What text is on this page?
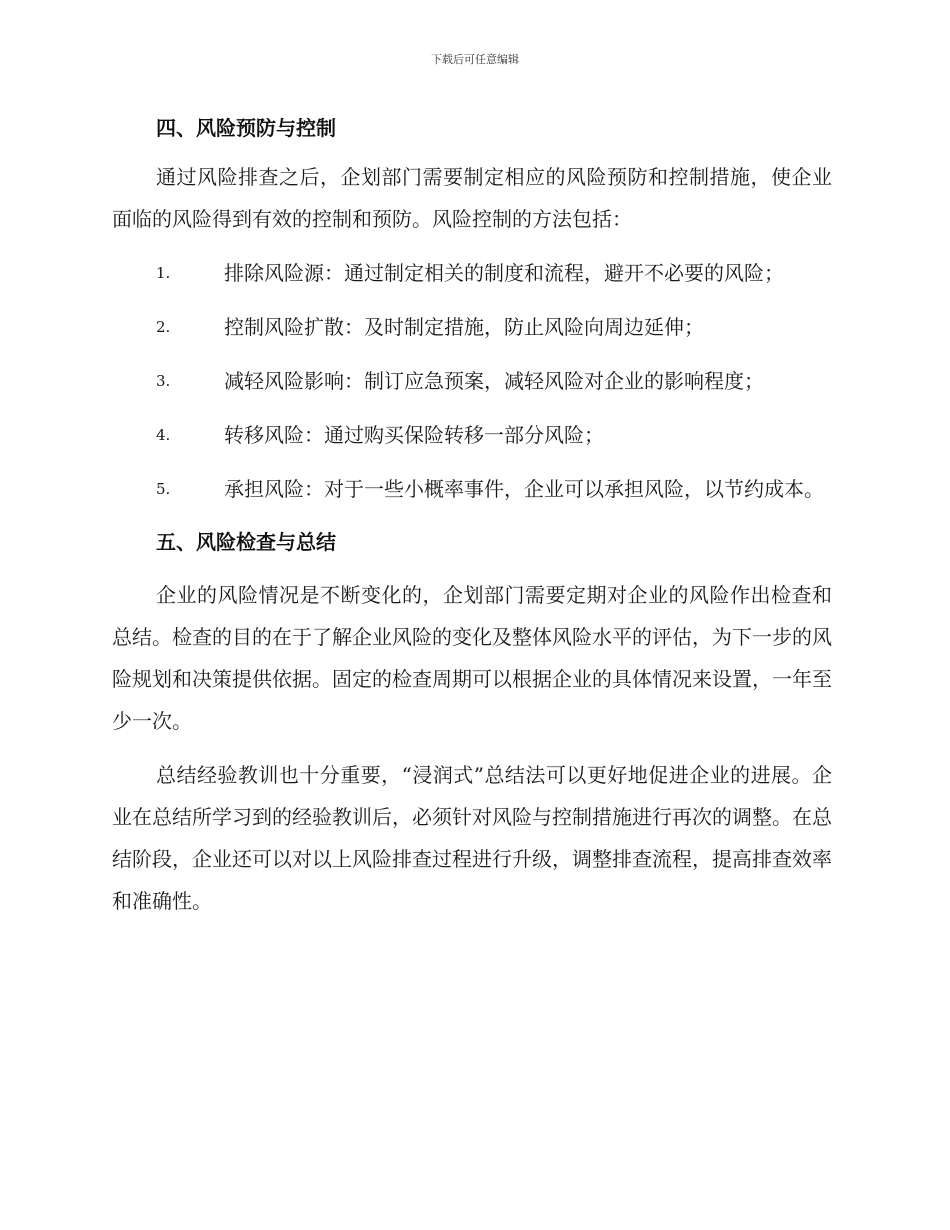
下载后可任意编辑
四、风险预防与控制

通过风险排查之后，企划部门需要制定相应的风险预防和控制措施，使企业面临的风险得到有效的控制和预防。风险控制的方法包括：

1.	排除风险源：通过制定相关的制度和流程，避开不必要的风险；
2.	控制风险扩散：及时制定措施，防止风险向周边延伸；
3.	减轻风险影响：制订应急预案，减轻风险对企业的影响程度；
4.	转移风险：通过购买保险转移一部分风险；
5.	承担风险：对于一些小概率事件，企业可以承担风险，以节约成本。
五、风险检查与总结

企业的风险情况是不断变化的，企划部门需要定期对企业的风险作出检查和总结。检查的目的在于了解企业风险的变化及整体风险水平的评估，为下一步的风险规划和决策提供依据。固定的检查周期可以根据企业的具体情况来设置，一年至少一次。

总结经验教训也十分重要，“浸润式”总结法可以更好地促进企业的进展。企业在总结所学习到的经验教训后，必须针对风险与控制措施进行再次的调整。在总结阶段，企业还可以对以上风险排查过程进行升级，调整排查流程，提高排查效率和准确性。
